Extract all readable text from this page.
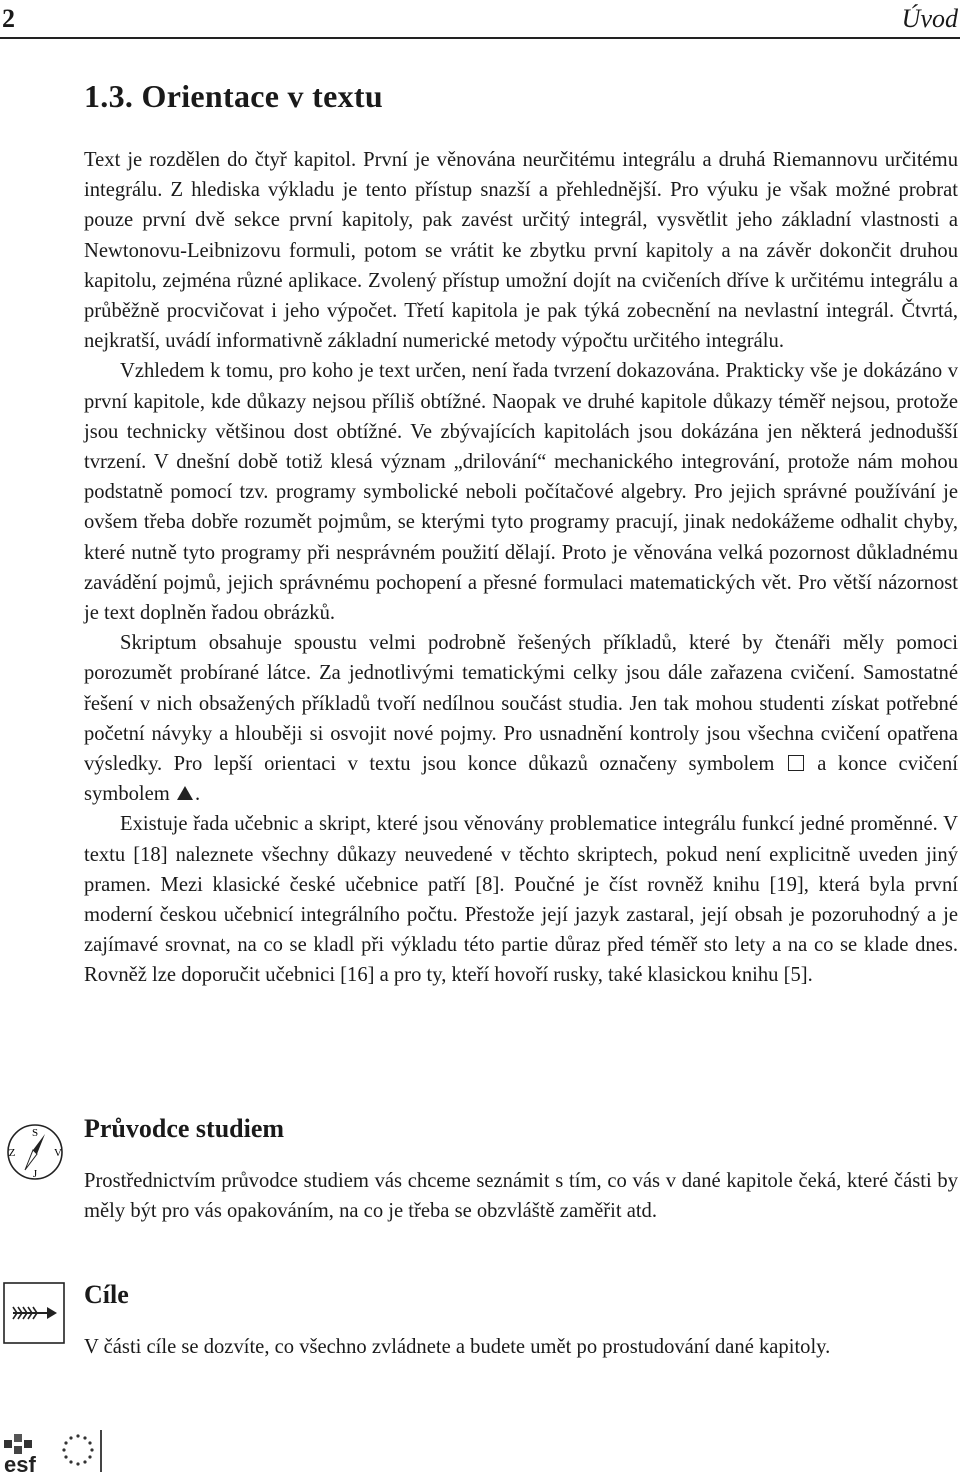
2	Úvod
1.3. Orientace v textu

Text je rozdělen do čtyř kapitol. První je věnována neurčitému integrálu a druhá Riemannovu určitému integrálu. Z hlediska výkladu je tento přístup snazší a přehlednější. Pro výuku je však možné probrat pouze první dvě sekce první kapitoly, pak zavést určitý integrál, vysvětlit jeho základní vlastnosti a Newtonovu-Leibnizovu formuli, potom se vrátit ke zbytku první kapitoly a na závěr dokončit druhou kapitolu, zejména různé aplikace. Zvolený přístup umožní dojít na cvičeních dříve k určitému integrálu a průběžně procvičovat i jeho výpočet. Třetí kapitola je pak týká zobecnění na nevlastní integrál. Čtvrtá, nejkratší, uvádí informativně základní numerické metody výpočtu určitého integrálu.

Vzhledem k tomu, pro koho je text určen, není řada tvrzení dokazována. Prakticky vše je dokázáno v první kapitole, kde důkazy nejsou příliš obtížné. Naopak ve druhé kapitole důkazy téměř nejsou, protože jsou technicky většinou dost obtížné. Ve zbývajících kapitolách jsou dokázána jen některá jednodušší tvrzení. V dnešní době totiž klesá význam „drilování“ mechanického integrování, protože nám mohou podstatně pomocí tzv. programy symbolické neboli počítačové algebry. Pro jejich správné používání je ovšem třeba dobře rozumět pojmům, se kterými tyto programy pracují, jinak nedokážeme odhalit chyby, které nutně tyto programy při nesprávném použití dělají. Proto je věnována velká pozornost důkladnému zavádění pojmů, jejich správnému pochopení a přesné formulaci matematických vět. Pro větší názornost je text doplněn řadou obrázků.

Skriptum obsahuje spoustu velmi podrobně řešených příkladů, které by čtenáři měly pomoci porozumět probírané látce. Za jednotlivými tematickými celky jsou dále zařazena cvičení. Samostatné řešení v nich obsažených příkladů tvoří nedílnou součást studia. Jen tak mohou studenti získat potřebné početní návyky a hlouběji si osvojit nové pojmy. Pro usnadnění kontroly jsou všechna cvičení opatřena výsledky. Pro lepší orientaci v textu jsou konce důkazů označeny symbolem a konce cvičení symbolem .

Existuje řada učebnic a skript, které jsou věnovány problematice integrálu funkcí jedné proměnné. V textu [18] naleznete všechny důkazy neuvedené v těchto skriptech, pokud není explicitně uveden jiný pramen. Mezi klasické české učebnice patří [8]. Poučné je číst rovněž knihu [19], která byla první moderní českou učebnicí integrálního počtu. Přestože její jazyk zastaral, její obsah je pozoruhodný a je zajímavé srovnat, na co se kladl při výkladu této partie důraz před téměř sto lety a na co se klade dnes. Rovněž lze doporučit učebnici [16] a pro ty, kteří hovoří rusky, také klasickou knihu [5].

S
J
Z	V
Průvodce studiem

Prostřednictvím průvodce studiem vás chceme seznámit s tím, co vás v dané kapitole čeká, které části by měly být pro vás opakováním, na co je třeba se obzvláště zaměřit atd.

Cíle

V části cíle se dozvíte, co všechno zvládnete a budete umět po prostudování dané kapitoly.

esf
